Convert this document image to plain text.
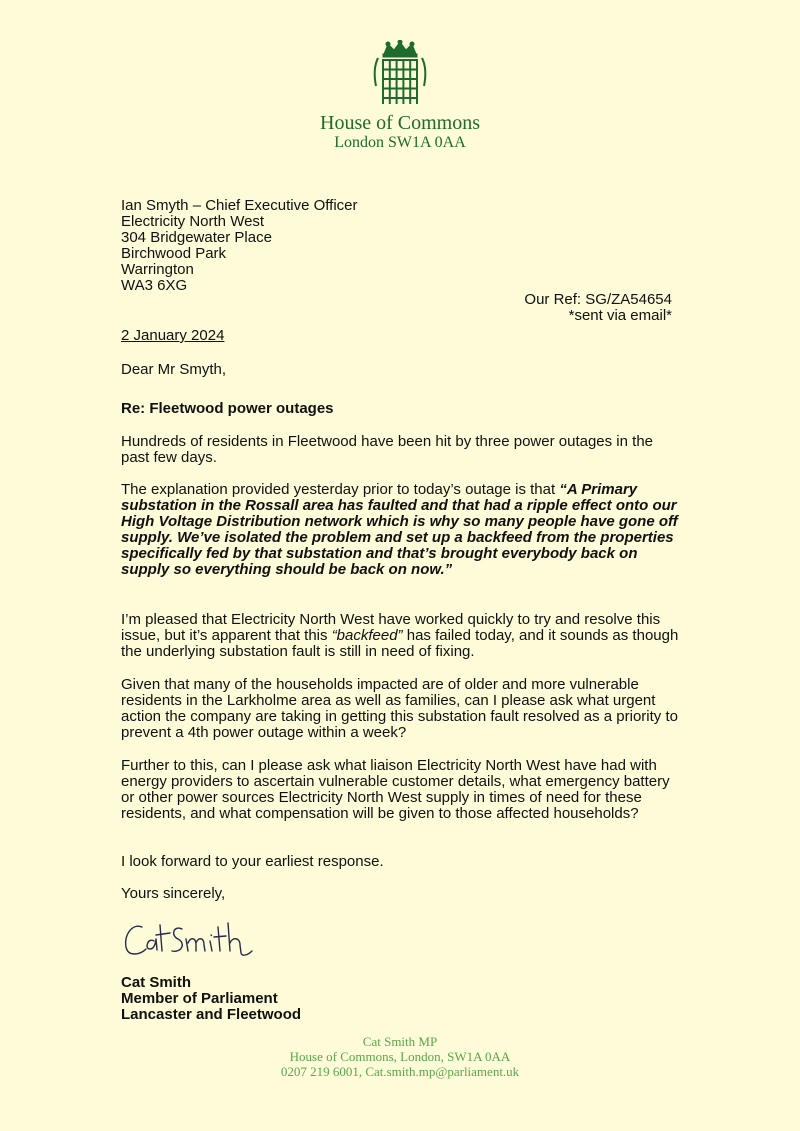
House of Commons
London SW1A 0AA
Ian Smyth – Chief Executive Officer
Electricity North West
304 Bridgewater Place
Birchwood Park
Warrington
WA3 6XG
Our Ref: SG/ZA54654
*sent via email*
2 January 2024
Dear Mr Smyth,
Re: Fleetwood power outages
Hundreds of residents in Fleetwood have been hit by three power outages in the past few days.
The explanation provided yesterday prior to today’s outage is that “A Primary substation in the Rossall area has faulted and that had a ripple effect onto our High Voltage Distribution network which is why so many people have gone off supply. We’ve isolated the problem and set up a backfeed from the properties specifically fed by that substation and that’s brought everybody back on supply so everything should be back on now.”
I’m pleased that Electricity North West have worked quickly to try and resolve this issue, but it’s apparent that this “backfeed” has failed today, and it sounds as though the underlying substation fault is still in need of fixing.
Given that many of the households impacted are of older and more vulnerable residents in the Larkholme area as well as families, can I please ask what urgent action the company are taking in getting this substation fault resolved as a priority to prevent a 4th power outage within a week?
Further to this, can I please ask what liaison Electricity North West have had with energy providers to ascertain vulnerable customer details, what emergency battery or other power sources Electricity North West supply in times of need for these residents, and what compensation will be given to those affected households?
I look forward to your earliest response.
Yours sincerely,
Cat Smith
Member of Parliament
Lancaster and Fleetwood
Cat Smith MP
House of Commons, London, SW1A 0AA
0207 219 6001, Cat.smith.mp@parliament.uk
